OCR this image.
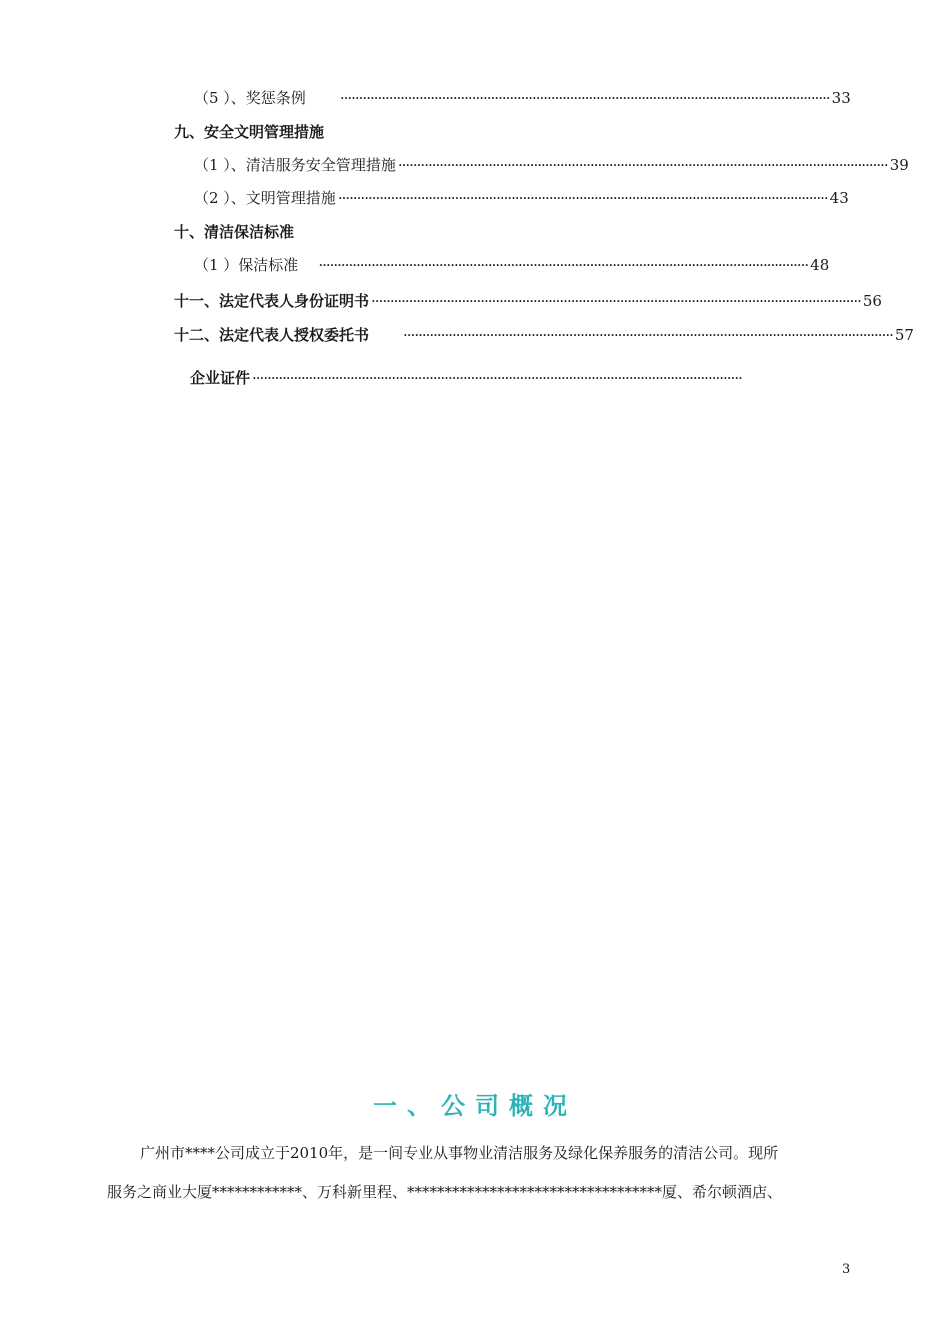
（5 ）、奖惩条例 ·································································································································· 33
九、安全文明管理措施
（1 ）、清洁服务安全管理措施 ·································································································································· 39
（2 ）、文明管理措施 ·································································································································· 43
十、清洁保洁标准
（1 ）保洁标准 ·································································································································· 48
十一、法定代表人身份证明书 ·································································································································· 56
十二、法定代表人授权委托书 ·································································································································· 57
企业证件 ··································································································································
一、公司概况
广州市****公司成立于2010年，是一间专业从事物业清洁服务及绿化保养服务的清洁公司。现所
服务之商业大厦************、万科新里程、**********************************厦、希尔顿酒店、
3
